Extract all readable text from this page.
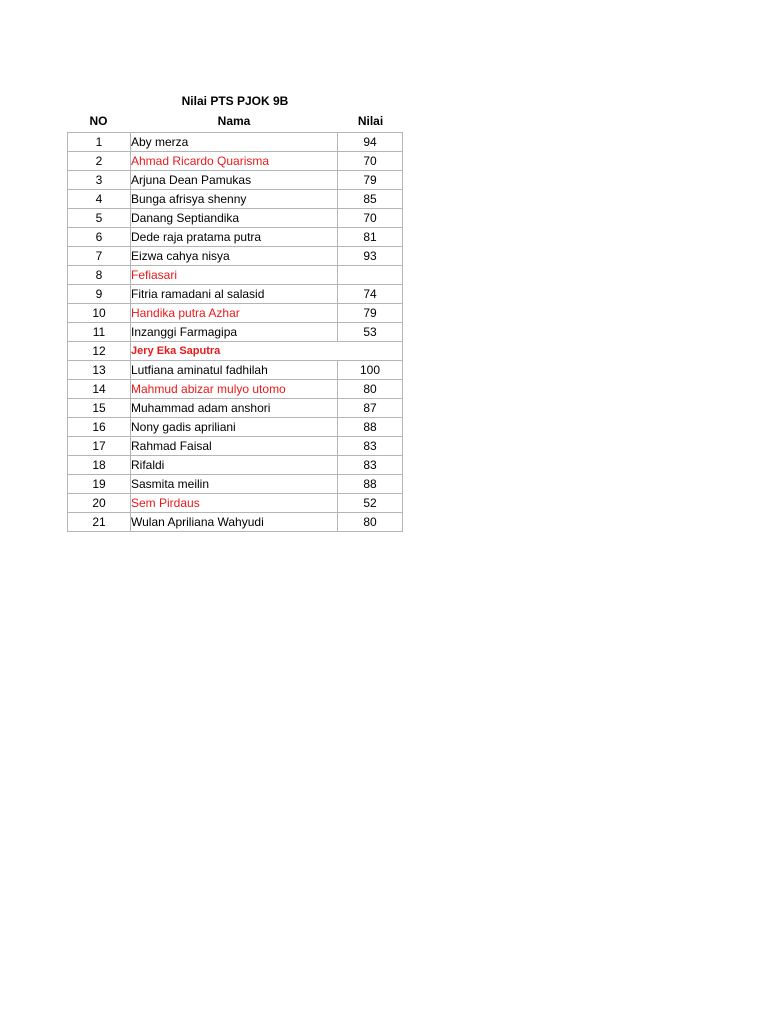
Nilai PTS PJOK 9B
NO	Nama	Nilai
1	Aby merza	94
2	Ahmad Ricardo Quarisma	70
3	Arjuna Dean Pamukas	79
4	Bunga afrisya shenny	85
5	Danang Septiandika	70
6	Dede raja pratama putra	81
7	Eizwa cahya nisya	93
8	Fefiasari	
9	Fitria ramadani al salasid	74
10	Handika putra Azhar	79
11	Inzanggi Farmagipa	53
12	Jery Eka Saputra	
13	Lutfiana aminatul fadhilah	100
14	Mahmud abizar mulyo utomo	80
15	Muhammad adam anshori	87
16	Nony gadis apriliani	88
17	Rahmad Faisal	83
18	Rifaldi	83
19	Sasmita meilin	88
20	Sem Pirdaus	52
21	Wulan Apriliana Wahyudi	80
